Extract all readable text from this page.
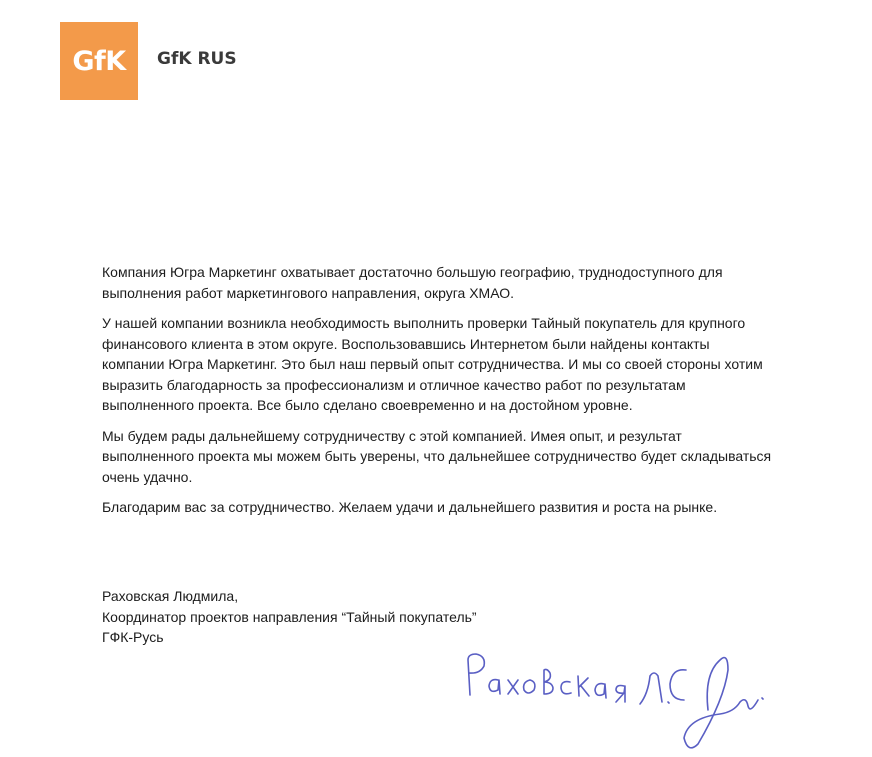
GfK GfK RUS

Компания Югра Маркетинг охватывает достаточно большую географию, труднодоступного для выполнения работ маркетингового направления, округа ХМАО.

У нашей компании возникла необходимость выполнить проверки Тайный покупатель для крупного финансового клиента в этом округе. Воспользовавшись Интернетом были найдены контакты компании Югра Маркетинг. Это был наш первый опыт сотрудничества. И мы со своей стороны хотим выразить благодарность за профессионализм и отличное качество работ по результатам выполненного проекта. Все было сделано своевременно и на достойном уровне.

Мы будем рады дальнейшему сотрудничеству с этой компанией. Имея опыт, и результат выполненного проекта мы можем быть уверены, что дальнейшее сотрудничество будет складываться очень удачно.

Благодарим вас за сотрудничество. Желаем удачи и дальнейшего развития и роста на рынке.

Раховская Людмила,
Координатор проектов направления “Тайный покупатель”
ГФК-Русь
